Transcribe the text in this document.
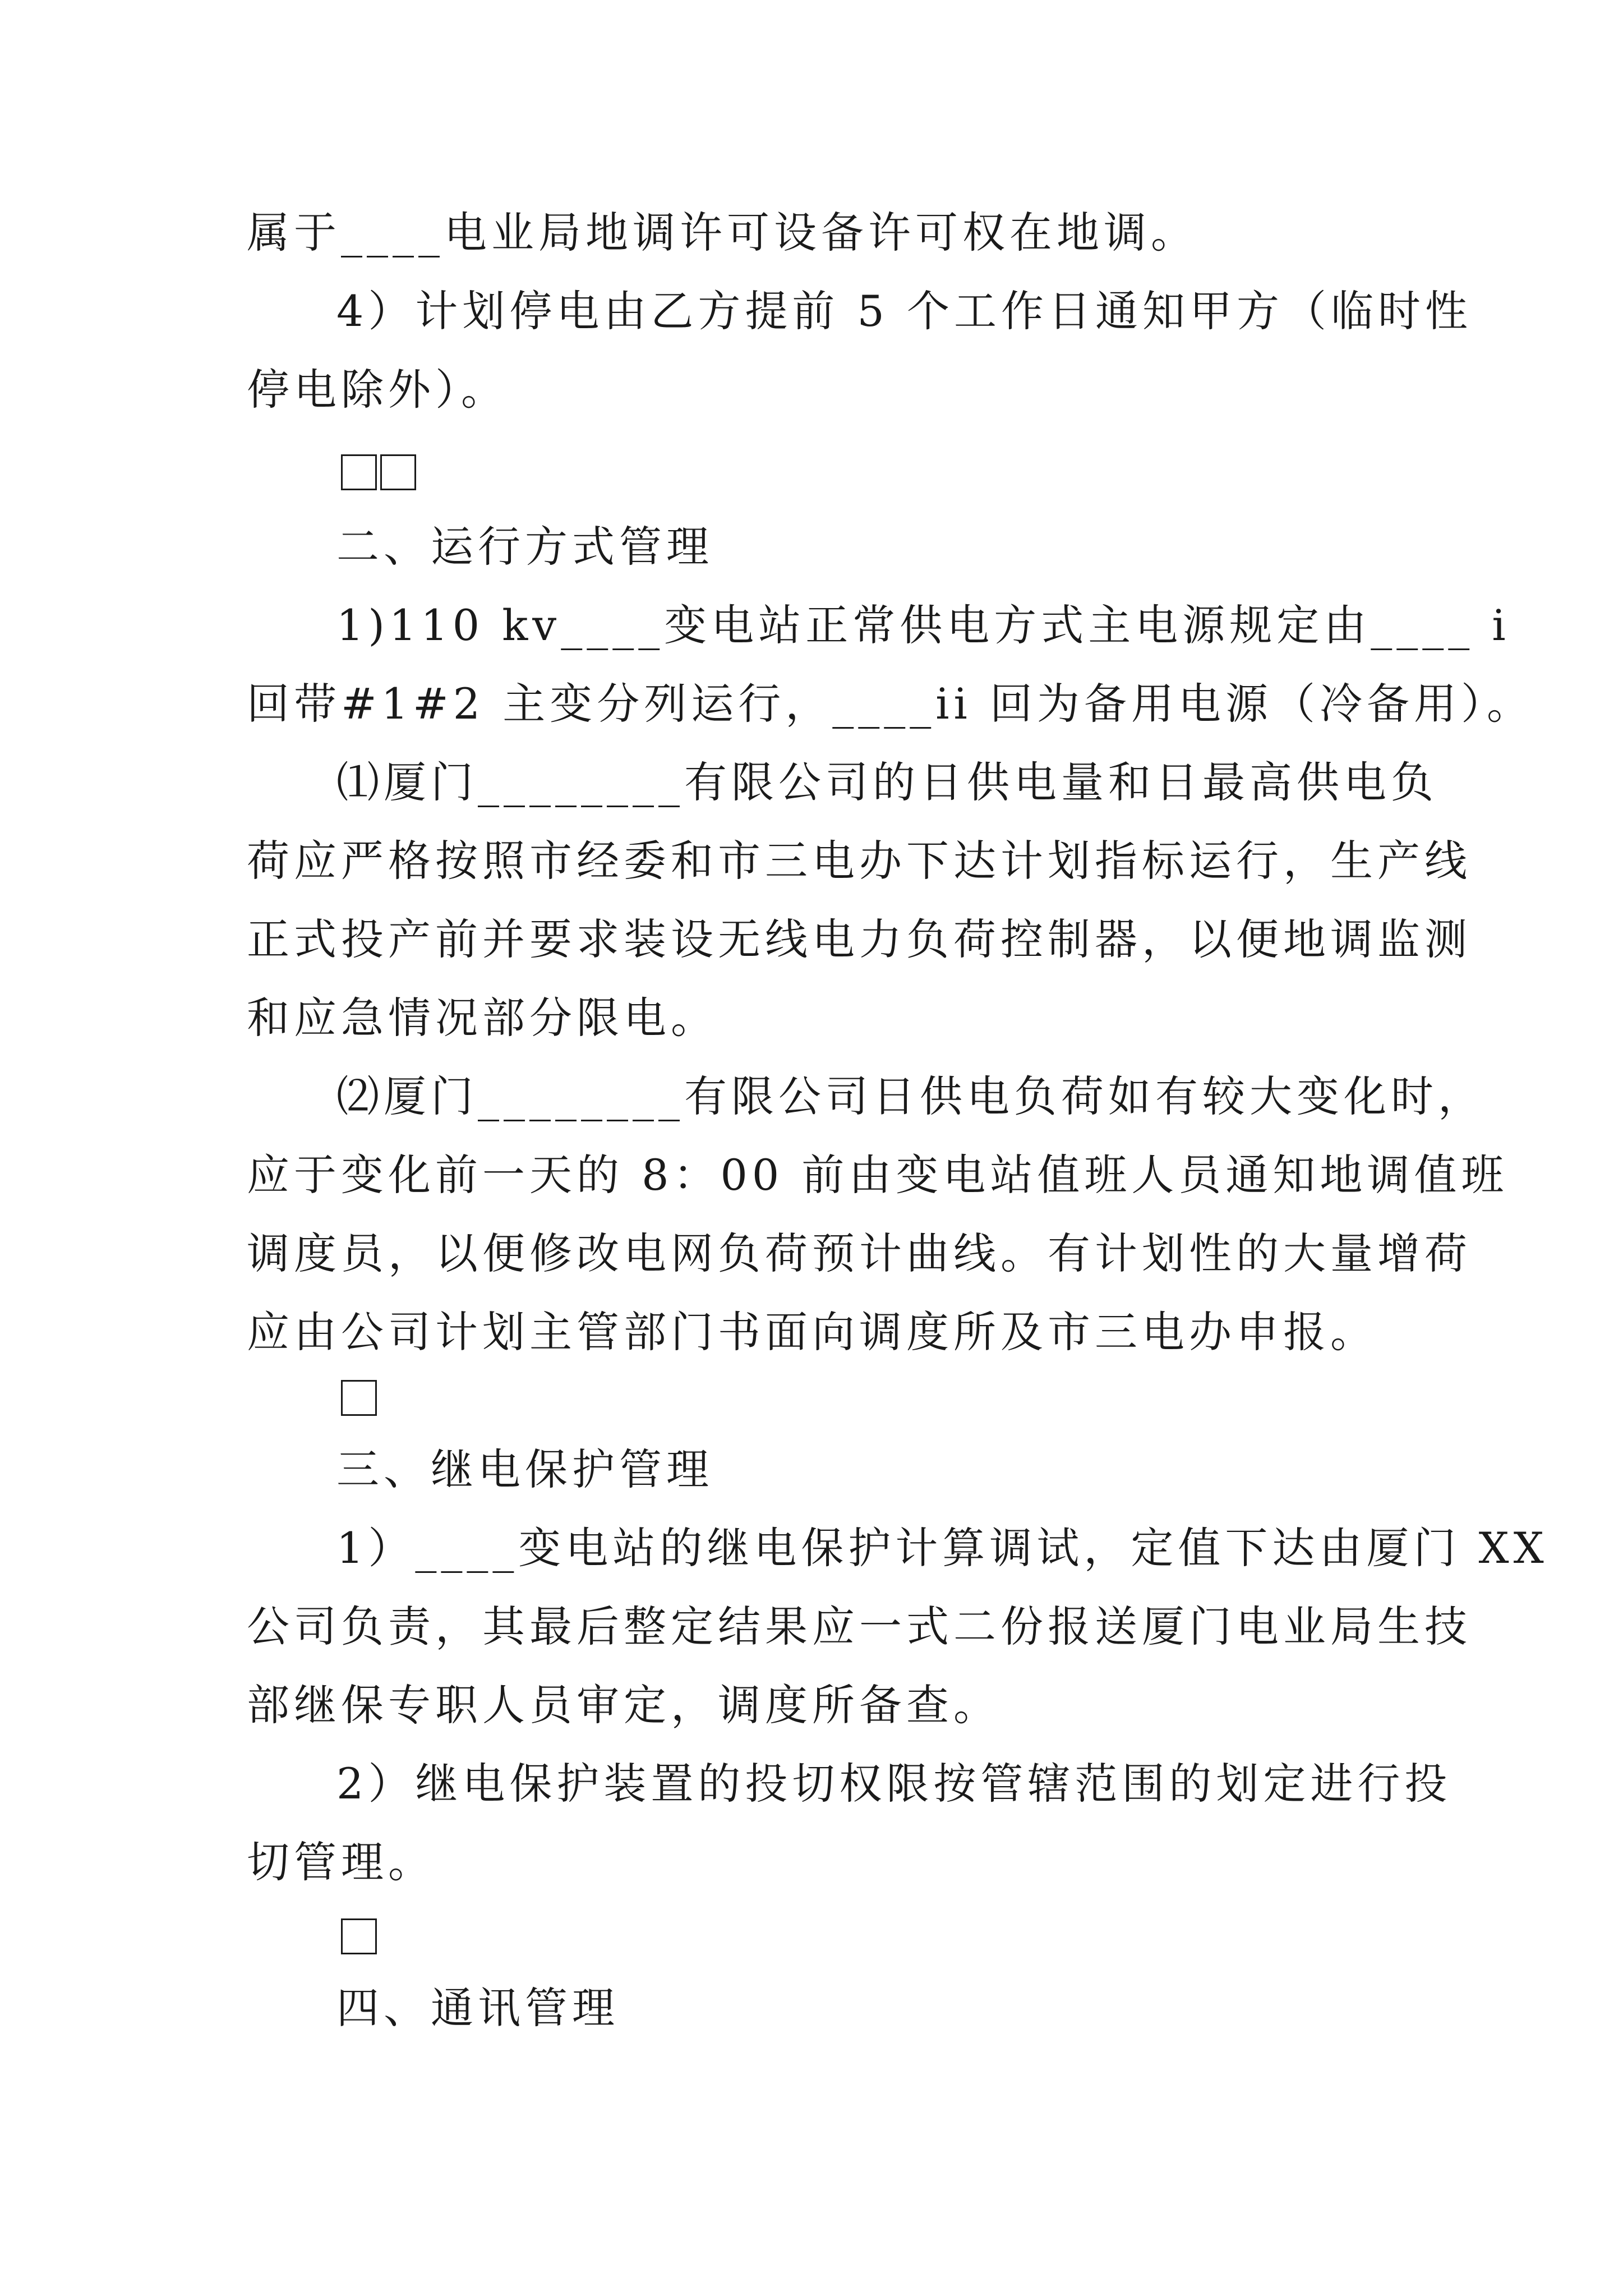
属于____电业局地调许可设备许可权在地调。
4）计划停电由乙方提前 5 个工作日通知甲方（临时性
停电除外）。
二、运行方式管理
1)110 kv____变电站正常供电方式主电源规定由____ i
回带#1#2 主变分列运行，____ii 回为备用电源（冷备用）。
⑴厦门________有限公司的日供电量和日最高供电负
荷应严格按照市经委和市三电办下达计划指标运行，生产线
正式投产前并要求装设无线电力负荷控制器，以便地调监测
和应急情况部分限电。
⑵厦门________有限公司日供电负荷如有较大变化时，
应于变化前一天的 8：00 前由变电站值班人员通知地调值班
调度员，以便修改电网负荷预计曲线。有计划性的大量增荷
应由公司计划主管部门书面向调度所及市三电办申报。
三、继电保护管理
1）____变电站的继电保护计算调试，定值下达由厦门 XX
公司负责，其最后整定结果应一式二份报送厦门电业局生技
部继保专职人员审定，调度所备查。
2）继电保护装置的投切权限按管辖范围的划定进行投
切管理。
四、通讯管理
